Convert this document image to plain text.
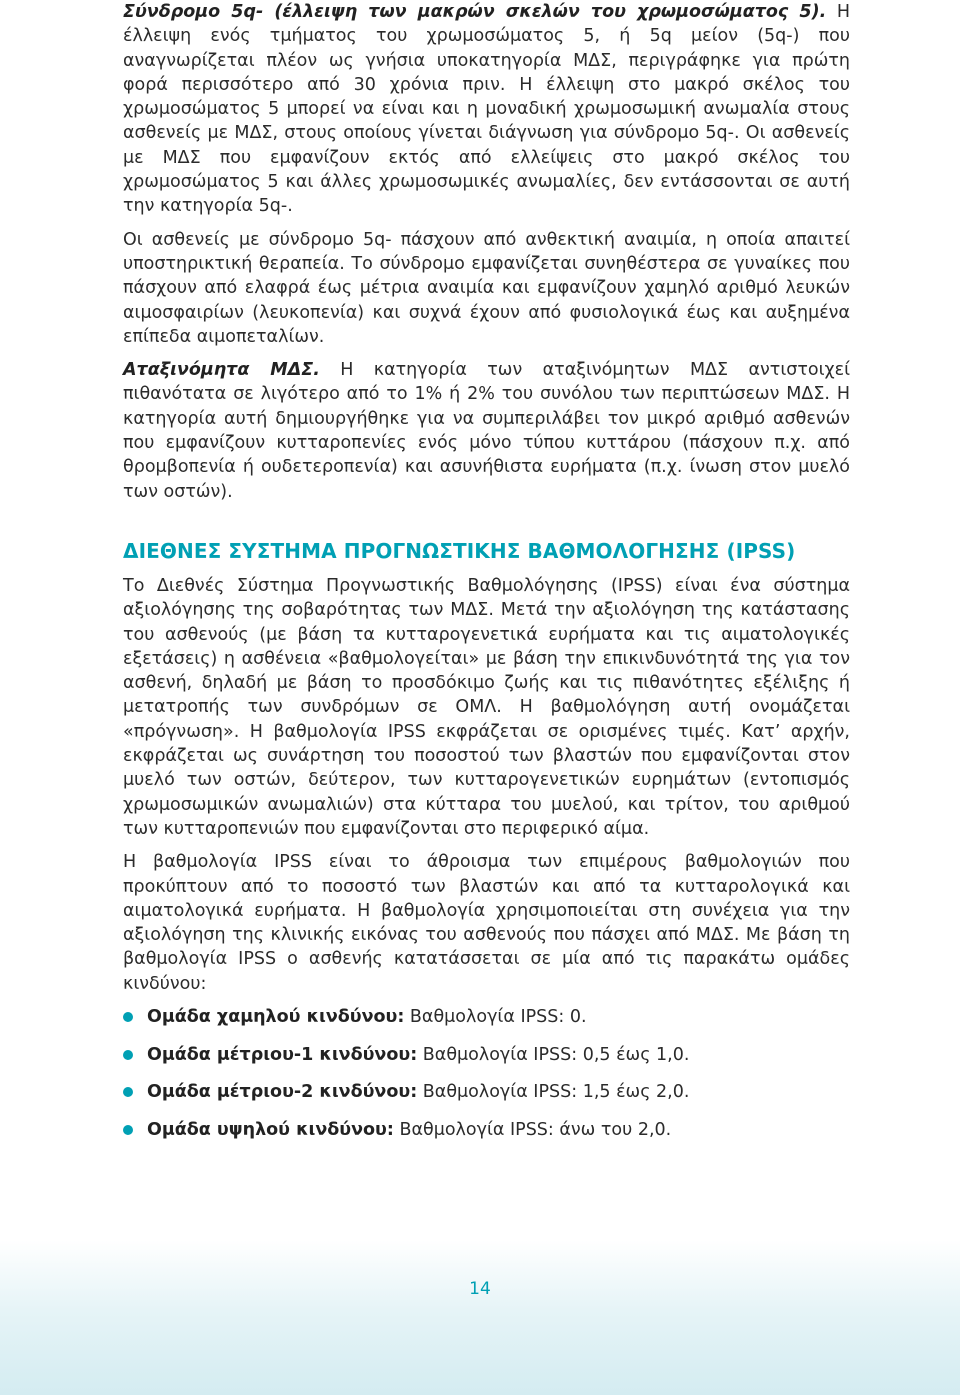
Σύνδρομο 5q- (έλλειψη των μακρών σκελών του χρωμοσώματος 5). Η έλλειψη ενός τμήματος του χρωμοσώματος 5, ή 5q μείον (5q-) που αναγνωρίζεται πλέον ως γνήσια υποκατηγορία ΜΔΣ, περιγράφηκε για πρώτη φορά περισσότερο από 30 χρόνια πριν. Η έλλειψη στο μακρό σκέλος του χρωμοσώματος 5 μπορεί να είναι και η μοναδική χρωμοσωμική ανωμαλία στους ασθενείς με ΜΔΣ, στους οποίους γίνεται διάγνωση για σύνδρομο 5q-. Οι ασθενείς με ΜΔΣ που εμφανίζουν εκτός από ελλείψεις στο μακρό σκέλος του χρωμοσώματος 5 και άλλες χρωμοσωμικές ανωμαλίες, δεν εντάσσονται σε αυτή την κατηγορία 5q-.

Οι ασθενείς με σύνδρομο 5q- πάσχουν από ανθεκτική αναιμία, η οποία απαιτεί υποστηρικτική θεραπεία. Το σύνδρομο εμφανίζεται συνηθέστερα σε γυναίκες που πάσχουν από ελαφρά έως μέτρια αναιμία και εμφανίζουν χαμηλό αριθμό λευκών αιμοσφαιρίων (λευκοπενία) και συχνά έχουν από φυσιολογικά έως και αυξημένα επίπεδα αιμοπεταλίων.

Αταξινόμητα ΜΔΣ. Η κατηγορία των αταξινόμητων ΜΔΣ αντιστοιχεί πιθανότατα σε λιγότερο από το 1% ή 2% του συνόλου των περιπτώσεων ΜΔΣ. Η κατηγορία αυτή δημιουργήθηκε για να συμπεριλάβει τον μικρό αριθμό ασθενών που εμφανίζουν κυτταροπενίες ενός μόνο τύπου κυττάρου (πάσχουν π.χ. από θρομβοπενία ή ουδετεροπενία) και ασυνήθιστα ευρήματα (π.χ. ίνωση στον μυελό των οστών).

ΔΙΕΘΝΕΣ ΣΥΣΤΗΜΑ ΠΡΟΓΝΩΣΤΙΚΗΣ ΒΑΘΜΟΛΟΓΗΣΗΣ (IPSS)

Το Διεθνές Σύστημα Προγνωστικής Βαθμολόγησης (IPSS) είναι ένα σύστημα αξιολόγησης της σοβαρότητας των ΜΔΣ. Μετά την αξιολόγηση της κατάστασης του ασθενούς (με βάση τα κυτταρογενετικά ευρήματα και τις αιματολογικές εξετάσεις) η ασθένεια «βαθμολογείται» με βάση την επικινδυνότητά της για τον ασθενή, δηλαδή με βάση το προσδόκιμο ζωής και τις πιθανότητες εξέλιξης ή μετατροπής των συνδρόμων σε ΟΜΛ. Η βαθμολόγηση αυτή ονομάζεται «πρόγνωση». Η βαθμολογία IPSS εκφράζεται σε ορισμένες τιμές. Κατ’ αρχήν, εκφράζεται ως συνάρτηση του ποσοστού των βλαστών που εμφανίζονται στον μυελό των οστών, δεύτερον, των κυτταρογενετικών ευρημάτων (εντοπισμός χρωμοσωμικών ανωμαλιών) στα κύτταρα του μυελού, και τρίτον, του αριθμού των κυτταροπενιών που εμφανίζονται στο περιφερικό αίμα.

Η βαθμολογία IPSS είναι το άθροισμα των επιμέρους βαθμολογιών που προκύπτουν από το ποσοστό των βλαστών και από τα κυτταρολογικά και αιματολογικά ευρήματα. Η βαθμολογία χρησιμοποιείται στη συνέχεια για την αξιολόγηση της κλινικής εικόνας του ασθενούς που πάσχει από ΜΔΣ. Με βάση τη βαθμολογία IPSS ο ασθενής κατατάσσεται σε μία από τις παρακάτω ομάδες κινδύνου:

Ομάδα χαμηλού κινδύνου: Βαθμολογία IPSS: 0.
Ομάδα μέτριου-1 κινδύνου: Βαθμολογία IPSS: 0,5 έως 1,0.
Ομάδα μέτριου-2 κινδύνου: Βαθμολογία IPSS: 1,5 έως 2,0.
Ομάδα υψηλού κινδύνου: Βαθμολογία IPSS: άνω του 2,0.
14
